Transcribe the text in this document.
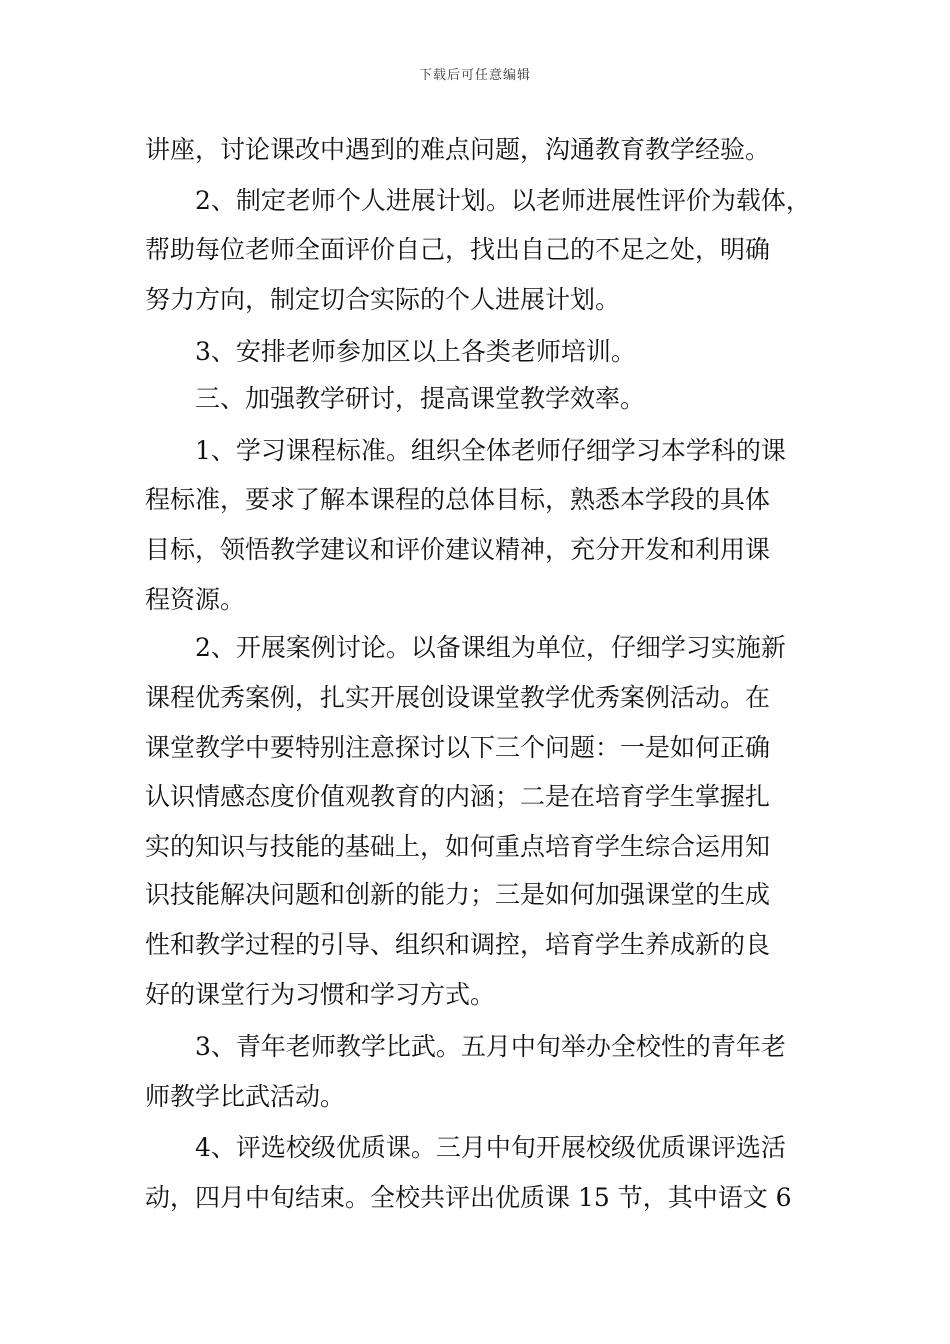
下载后可任意编辑
讲座，讨论课改中遇到的难点问题，沟通教育教学经验。
2、制定老师个人进展计划。以老师进展性评价为载体，
帮助每位老师全面评价自己，找出自己的不足之处，明确
努力方向，制定切合实际的个人进展计划。
3、安排老师参加区以上各类老师培训。
三、加强教学研讨，提高课堂教学效率。
1、学习课程标准。组织全体老师仔细学习本学科的课
程标准，要求了解本课程的总体目标，熟悉本学段的具体
目标，领悟教学建议和评价建议精神，充分开发和利用课
程资源。
2、开展案例讨论。以备课组为单位，仔细学习实施新
课程优秀案例，扎实开展创设课堂教学优秀案例活动。在
课堂教学中要特别注意探讨以下三个问题：一是如何正确
认识情感态度价值观教育的内涵；二是在培育学生掌握扎
实的知识与技能的基础上，如何重点培育学生综合运用知
识技能解决问题和创新的能力；三是如何加强课堂的生成
性和教学过程的引导、组织和调控，培育学生养成新的良
好的课堂行为习惯和学习方式。
3、青年老师教学比武。五月中旬举办全校性的青年老
师教学比武活动。
4、评选校级优质课。三月中旬开展校级优质课评选活
动，四月中旬结束。全校共评出优质课 15 节，其中语文 6
